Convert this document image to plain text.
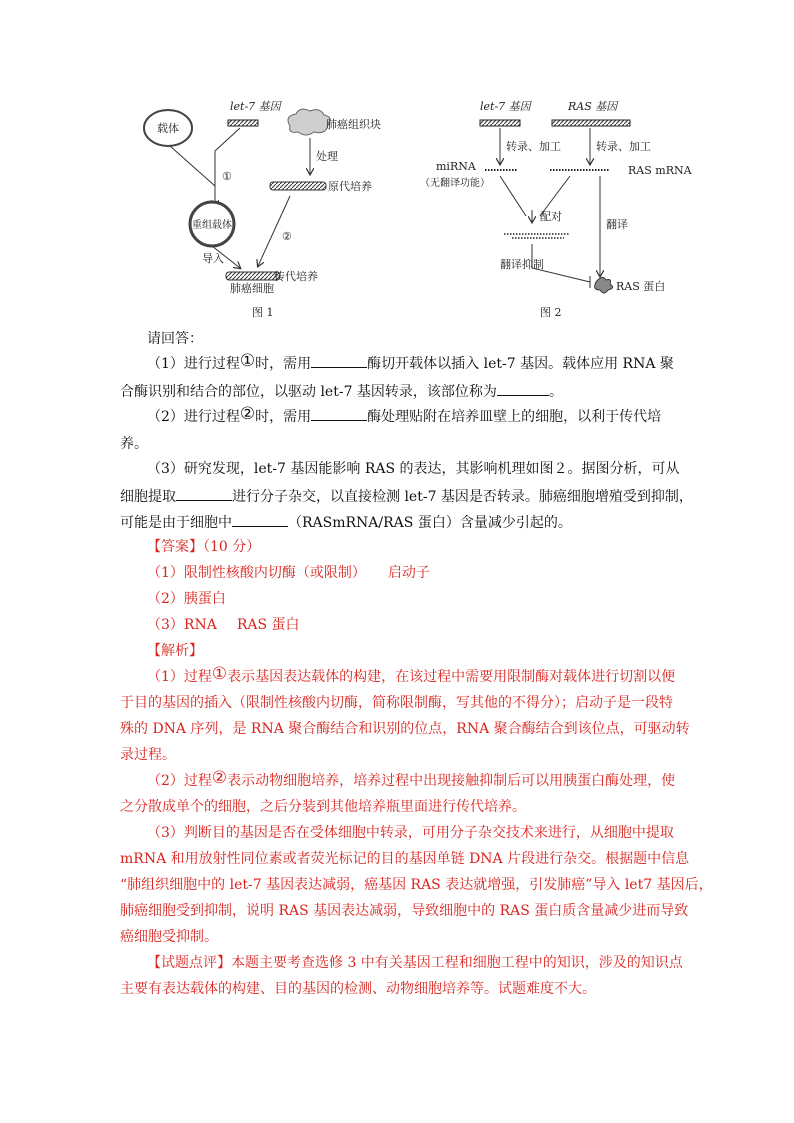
载体
let-7 基因
肺癌组织块
①
处理
原代培养
重组载体
导入
②
传代培养
肺癌细胞
图 1
let-7 基因	RAS 基因
转录、加工	转录、加工
miRNA
（无翻译功能）
RAS mRNA
配对
翻译
翻译抑制
RAS 蛋白
图 2
请回答：
（1）进行过程①时，需用	酶切开载体以插入 let-7 基因。载体应用 RNA 聚
合酶识别和结合的部位，以驱动 let-7 基因转录，该部位称为	。
（2）进行过程②时，需用	酶处理贴附在培养皿壁上的细胞，以利于传代培
养。
（3）研究发现，let-7 基因能影响 RAS 的表达，其影响机理如图２。据图分析，可从
细胞提取	进行分子杂交，以直接检测 let-7 基因是否转录。肺癌细胞增殖受到抑制，
可能是由于细胞中	（RASmRNA/RAS 蛋白）含量减少引起的。
【答案】（10 分）
（1）限制性核酸内切酶（或限制） 启动子
（2）胰蛋白
（3）RNA RAS 蛋白
【解析】
（1）过程①表示基因表达载体的构建，在该过程中需要用限制酶对载体进行切割以便
于目的基因的插入（限制性核酸内切酶，简称限制酶，写其他的不得分）；启动子是一段特
殊的 DNA 序列，是 RNA 聚合酶结合和识别的位点，RNA 聚合酶结合到该位点，可驱动转
录过程。
（2）过程②表示动物细胞培养，培养过程中出现接触抑制后可以用胰蛋白酶处理，使
之分散成单个的细胞，之后分装到其他培养瓶里面进行传代培养。
（3）判断目的基因是否在受体细胞中转录，可用分子杂交技术来进行，从细胞中提取
mRNA 和用放射性同位素或者荧光标记的目的基因单链 DNA 片段进行杂交。根据题中信息
“肺组织细胞中的 let-7 基因表达减弱，癌基因 RAS 表达就增强，引发肺癌”导入 let7 基因后，
肺癌细胞受到抑制，说明 RAS 基因表达减弱，导致细胞中的 RAS 蛋白质含量减少进而导致
癌细胞受抑制。
【试题点评】本题主要考查选修 3 中有关基因工程和细胞工程中的知识，涉及的知识点
主要有表达载体的构建、目的基因的检测、动物细胞培养等。试题难度不大。
